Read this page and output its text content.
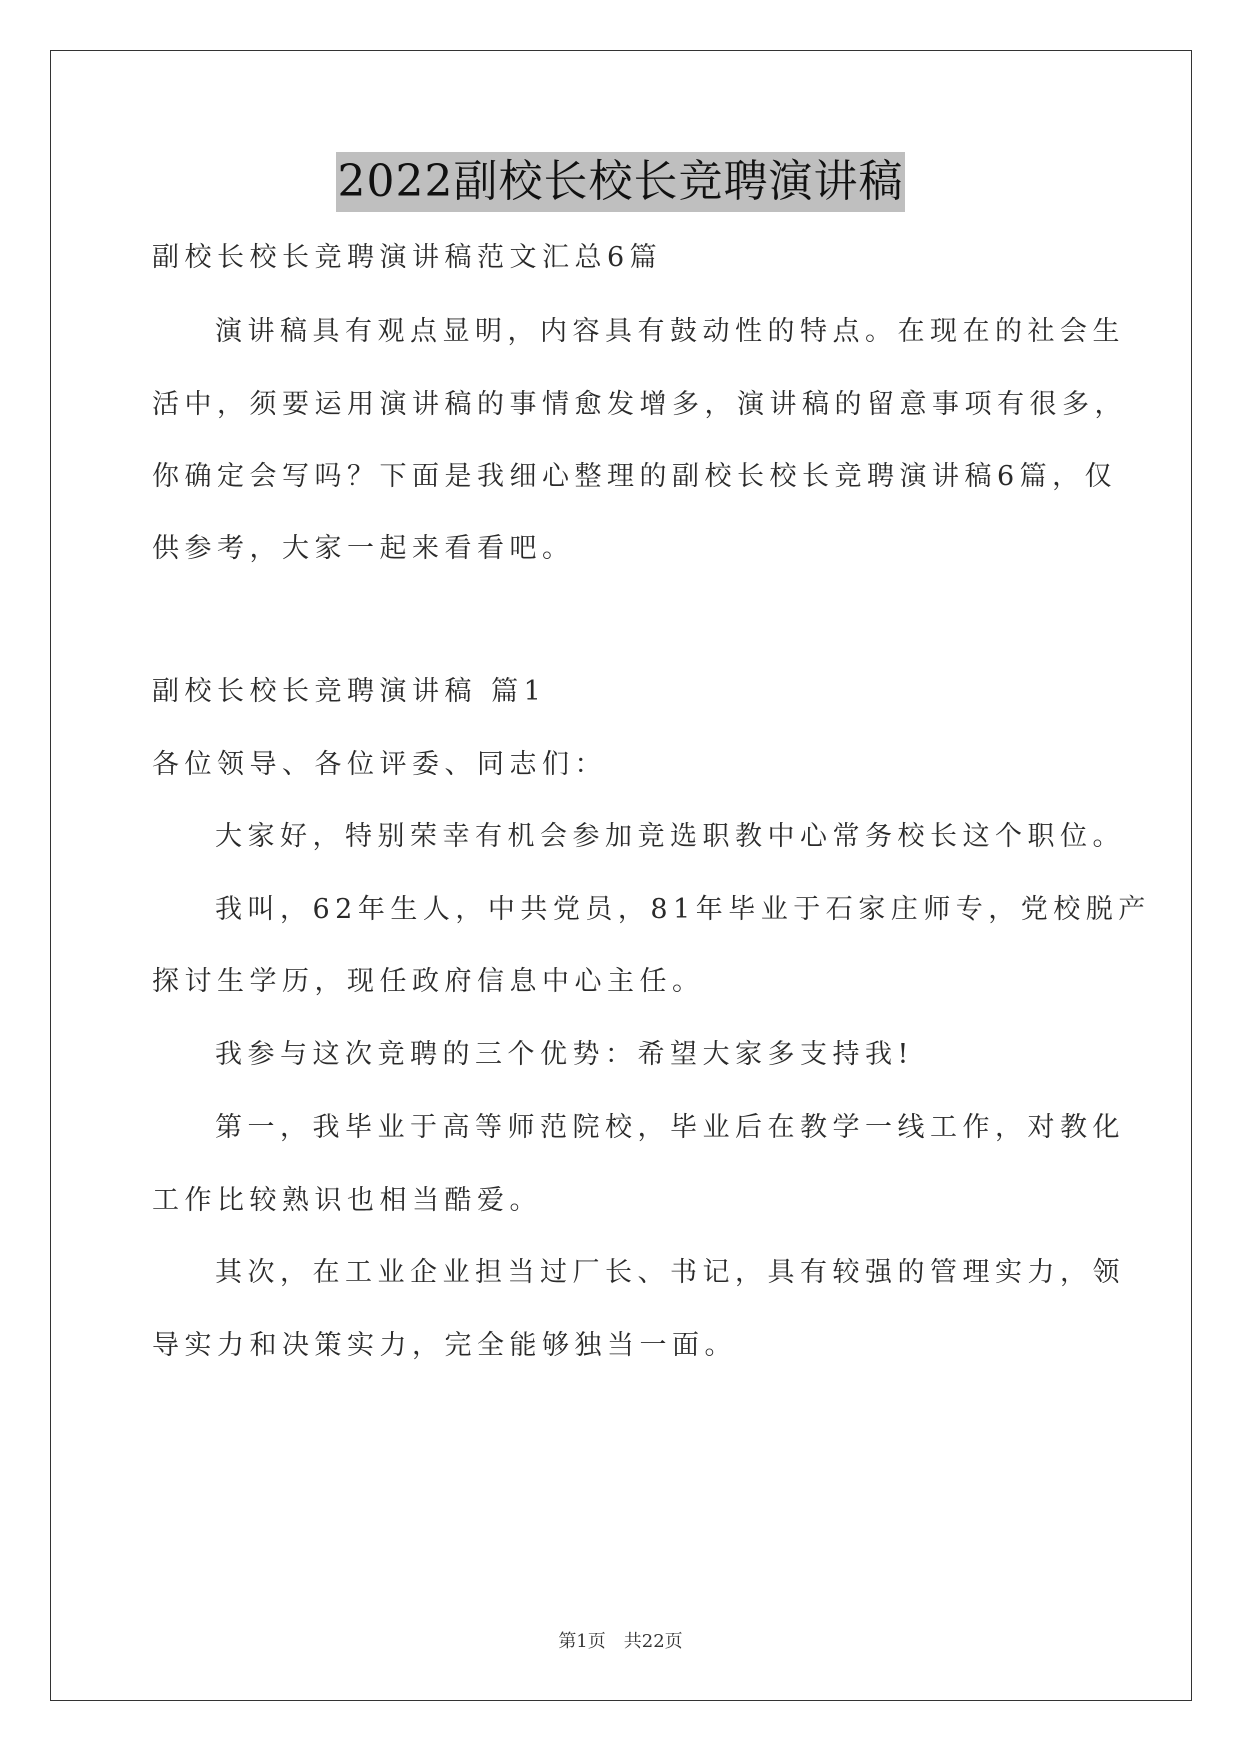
2022副校长校长竞聘演讲稿
副校长校长竞聘演讲稿范文汇总6篇
演讲稿具有观点显明，内容具有鼓动性的特点。在现在的社会生
活中，须要运用演讲稿的事情愈发增多，演讲稿的留意事项有很多，
你确定会写吗？下面是我细心整理的副校长校长竞聘演讲稿6篇，仅
供参考，大家一起来看看吧。
副校长校长竞聘演讲稿 篇1
各位领导、各位评委、同志们：
大家好，特别荣幸有机会参加竞选职教中心常务校长这个职位。
我叫，62年生人，中共党员，81年毕业于石家庄师专，党校脱产
探讨生学历，现任政府信息中心主任。
我参与这次竞聘的三个优势：希望大家多支持我!
第一，我毕业于高等师范院校，毕业后在教学一线工作，对教化
工作比较熟识也相当酷爱。
其次，在工业企业担当过厂长、书记，具有较强的管理实力，领
导实力和决策实力，完全能够独当一面。
第1页 共22页
